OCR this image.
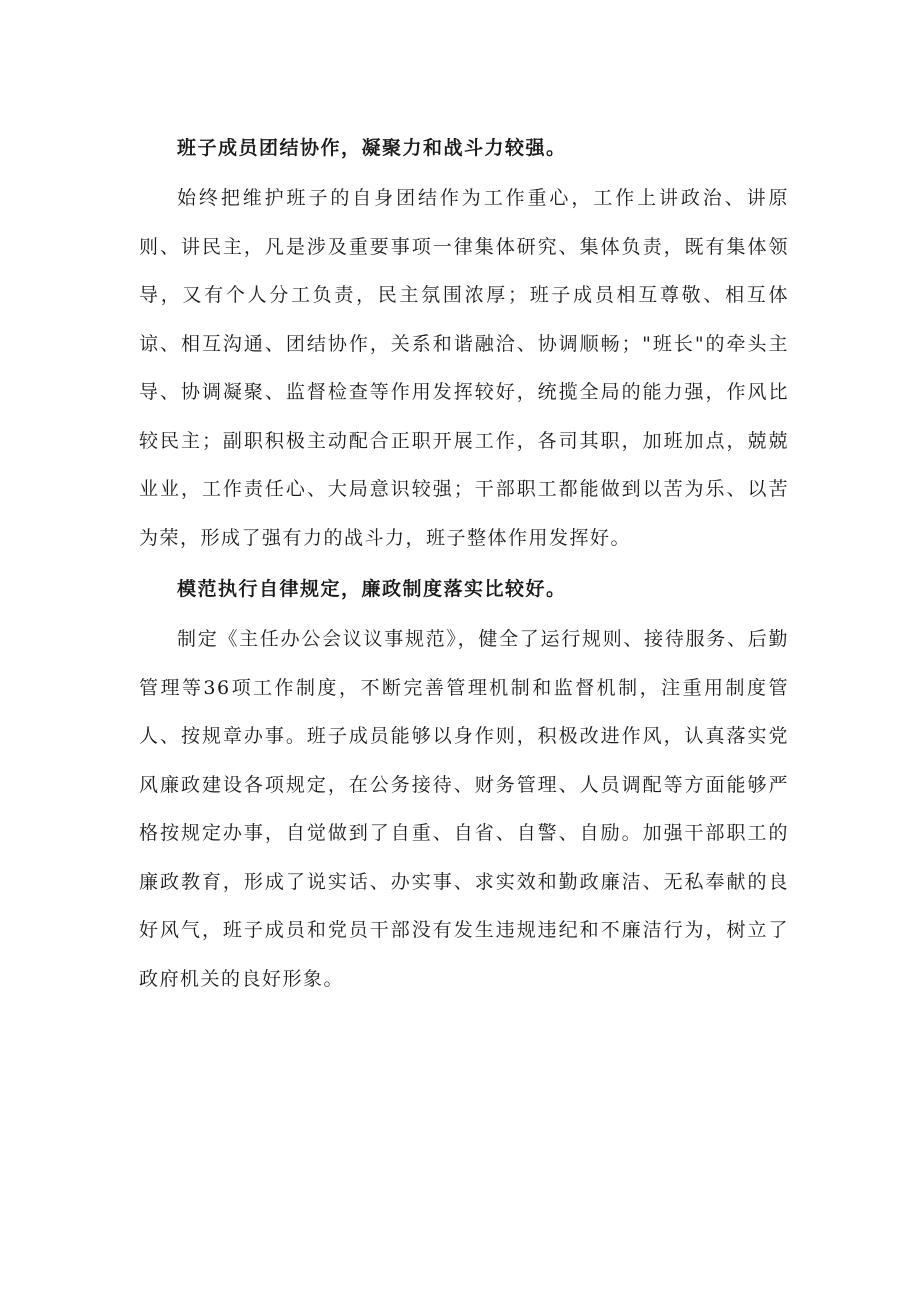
班子成员团结协作，凝聚力和战斗力较强。

始终把维护班子的自身团结作为工作重心，工作上讲政治、讲原则、讲民主，凡是涉及重要事项一律集体研究、集体负责，既有集体领导，又有个人分工负责，民主氛围浓厚；班子成员相互尊敬、相互体谅、相互沟通、团结协作，关系和谐融洽、协调顺畅；"班长"的牵头主导、协调凝聚、监督检查等作用发挥较好，统揽全局的能力强，作风比较民主；副职积极主动配合正职开展工作，各司其职，加班加点，兢兢业业，工作责任心、大局意识较强；干部职工都能做到以苦为乐、以苦为荣，形成了强有力的战斗力，班子整体作用发挥好。

模范执行自律规定，廉政制度落实比较好。

制定《主任办公会议议事规范》，健全了运行规则、接待服务、后勤管理等36项工作制度，不断完善管理机制和监督机制，注重用制度管人、按规章办事。班子成员能够以身作则，积极改进作风，认真落实党风廉政建设各项规定，在公务接待、财务管理、人员调配等方面能够严格按规定办事，自觉做到了自重、自省、自警、自励。加强干部职工的廉政教育，形成了说实话、办实事、求实效和勤政廉洁、无私奉献的良好风气，班子成员和党员干部没有发生违规违纪和不廉洁行为，树立了政府机关的良好形象。
